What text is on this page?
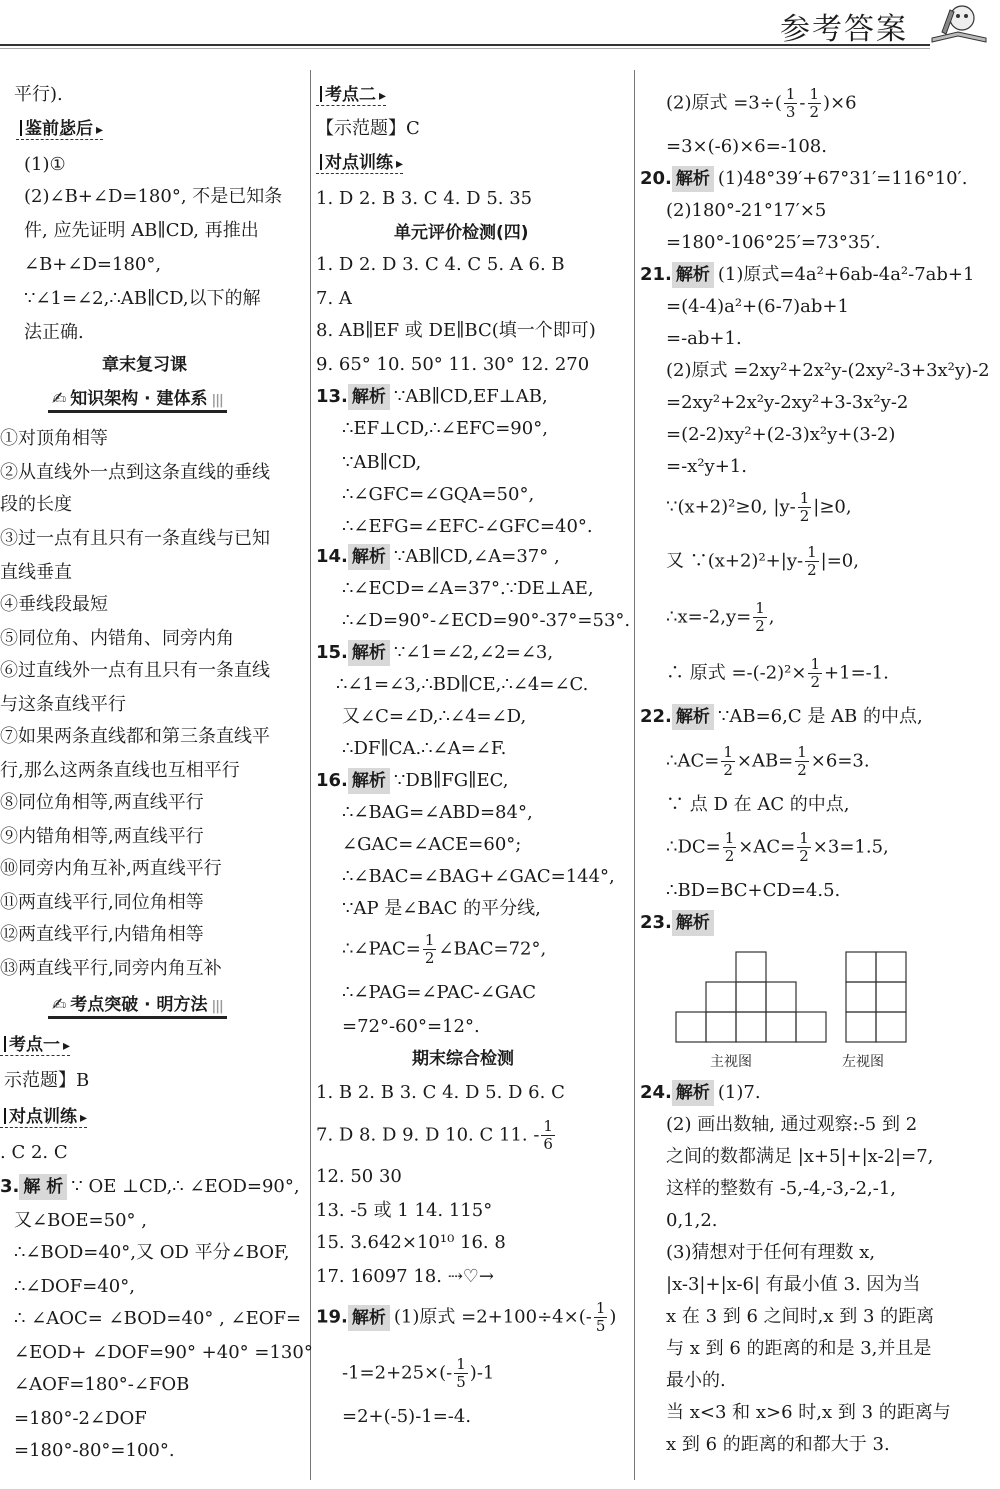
参考答案
平行).
鉴前毖后 ▸
(1)①
(2)∠B+∠D=180°, 不是已知条
件, 应先证明 AB∥CD, 再推出
∠B+∠D=180°,
∵∠1=∠2,∴AB∥CD,以下的解
法正确.
章末复习课
✍ 知识架构 · 建体系 |||
①对顶角相等
②从直线外一点到这条直线的垂线
段的长度
③过一点有且只有一条直线与已知
直线垂直
④垂线段最短
⑤同位角、内错角、同旁内角
⑥过直线外一点有且只有一条直线
与这条直线平行
⑦如果两条直线都和第三条直线平
行,那么这两条直线也互相平行
⑧同位角相等,两直线平行
⑨内错角相等,两直线平行
⑩同旁内角互补,两直线平行
⑪两直线平行,同位角相等
⑫两直线平行,内错角相等
⑬两直线平行,同旁内角互补
✍ 考点突破 · 明方法 |||
考点一 ▸
示范题】B
对点训练 ▸
. C 2. C
3. 解 析 ∵ OE ⊥CD,∴ ∠EOD=90°,
又∠BOE=50° ,
∴∠BOD=40°,又 OD 平分∠BOF,
∴∠DOF=40°,
∴ ∠AOC= ∠BOD=40° , ∠EOF=
∠EOD+ ∠DOF=90° +40° =130°
∠AOF=180°-∠FOB
=180°-2∠DOF
=180°-80°=100°.
考点二 ▸
【示范题】C
对点训练 ▸
1. D 2. B 3. C 4. D 5. 35
单元评价检测(四)
1. D 2. D 3. C 4. C 5. A 6. B
7. A
8. AB∥EF 或 DE∥BC(填一个即可)
9. 65° 10. 50° 11. 30° 12. 270
13. 解析 ∵AB∥CD,EF⊥AB,
∴EF⊥CD,∴∠EFC=90°,
∵AB∥CD,
∴∠GFC=∠GQA=50°,
∴∠EFG=∠EFC-∠GFC=40°.
14. 解析 ∵AB∥CD,∠A=37° ,
∴∠ECD=∠A=37°.∵DE⊥AE,
∴∠D=90°-∠ECD=90°-37°=53°.
15. 解析 ∵∠1=∠2,∠2=∠3,
∴∠1=∠3,∴BD∥CE,∴∠4=∠C.
又∠C=∠D,∴∠4=∠D,
∴DF∥CA.∴∠A=∠F.
16. 解析 ∵DB∥FG∥EC,
∴∠BAG=∠ABD=84°,
∠GAC=∠ACE=60°;
∴∠BAC=∠BAG+∠GAC=144°,
∵AP 是∠BAC 的平分线,
∴∠PAC= $\frac{1}{2}$ ∠BAC=72°,
∴∠PAG=∠PAC-∠GAC
=72°-60°=12°.
期末综合检测
1. B 2. B 3. C 4. D 5. D 6. C
7. D 8. D 9. D 10. C 11. - $\frac{1}{6}$
12. 50 30
13. -5 或 1 14. 115°
15. 3.642×10¹⁰ 16. 8
17. 16097 18. ⇢♡→
19. 解析 (1)原式 $=2+100\div 4\times(- \frac{1}{5}$ )
$-1=2+25\times(- \frac{1}{5} )-1$
=2+(-5)-1=-4.
(2)原式 $=3\div( \frac{1}{3} - \frac{1}{2} )\times 6$
=3×(-6)×6=-108.
20. 解析 (1)48°39′+67°31′=116°10′.
(2)180°-21°17′×5
=180°-106°25′=73°35′.
21. 解析 (1)原式=4a²+6ab-4a²-7ab+1
=(4-4)a²+(6-7)ab+1
=-ab+1.
(2)原式 =2xy²+2x²y-(2xy²-3+3x²y)-2
=2xy²+2x²y-2xy²+3-3x²y-2
=(2-2)xy²+(2-3)x²y+(3-2)
=-x²y+1.
∵(x+2)²≥0, $|y- \frac{1}{2} |\ge 0$,
又 ∵(x+2)²+|y- $\frac{1}{2} |=0$,
∴x=-2,y= $\frac{1}{2}$ ,
∴ 原式 $=-(-2)^2\times \frac{1}{2} +1=-1$.
22. 解析 ∵AB=6,C 是 AB 的中点,
∴AC= $\frac{1}{2} \times AB= \frac{1}{2} \times 6=3$.
∵ 点 D 在 AC 的中点,
∴DC= $\frac{1}{2} \times AC= \frac{1}{2} \times 3=1.5$,
∴BD=BC+CD=4.5.
23. 解析
主视图	左视图
24. 解析 (1)7.
(2) 画出数轴, 通过观察:-5 到 2
之间的数都满足 |x+5|+|x-2|=7,
这样的整数有 -5,-4,-3,-2,-1,
0,1,2.
(3)猜想对于任何有理数 x,
|x-3|+|x-6| 有最小值 3. 因为当
x 在 3 到 6 之间时,x 到 3 的距离
与 x 到 6 的距离的和是 3,并且是
最小的.
当 x<3 和 x>6 时,x 到 3 的距离与
x 到 6 的距离的和都大于 3.
